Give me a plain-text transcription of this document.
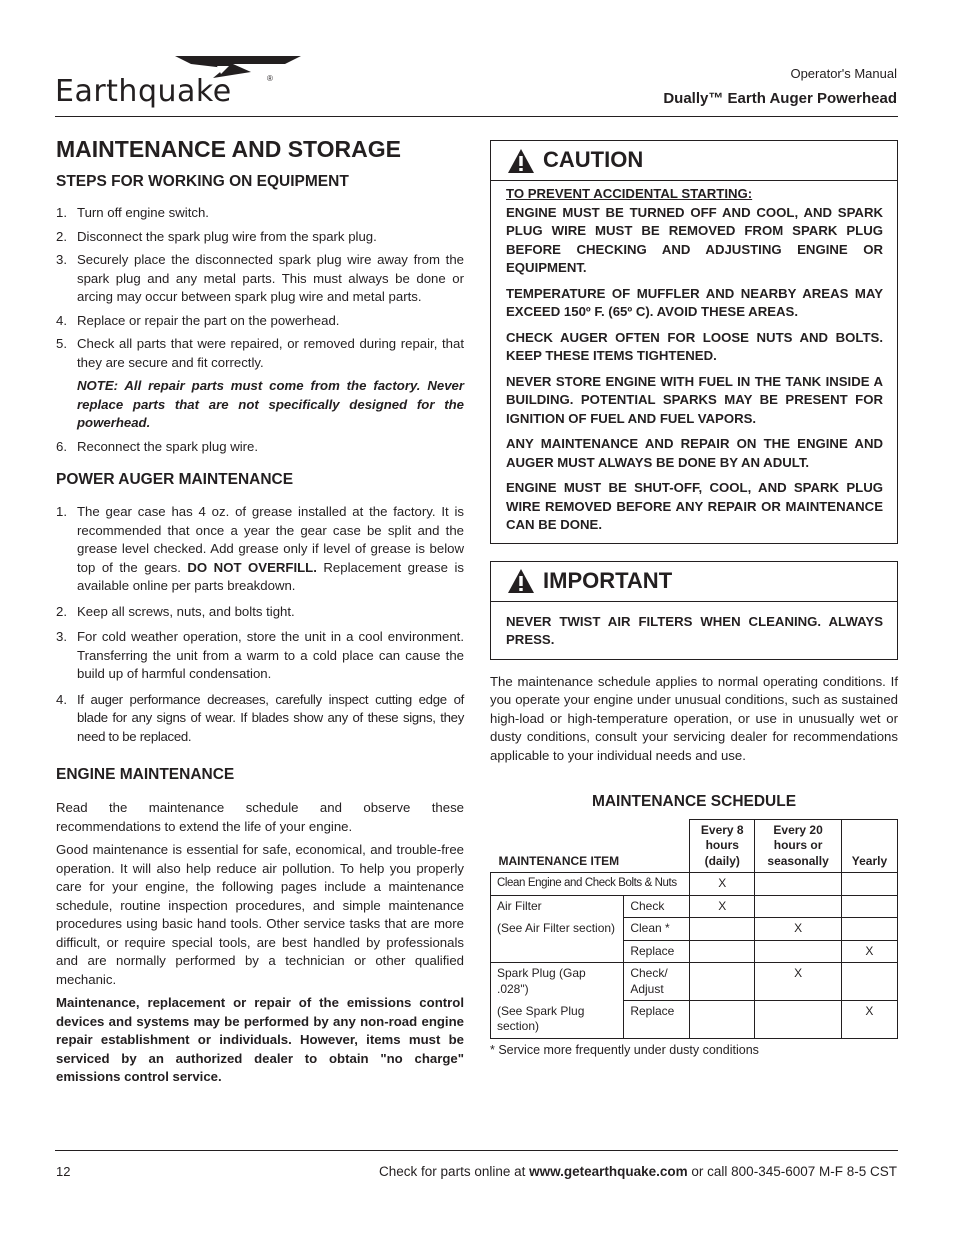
Earthquake	®	Operator's Manual
Dually™ Earth Auger Powerhead
MAINTENANCE AND STORAGE
STEPS FOR WORKING ON EQUIPMENT
1. Turn off engine switch.
2. Disconnect the spark plug wire from the spark plug.
3. Securely place the disconnected spark plug wire away from the spark plug and any metal parts. This must always be done or arcing may occur between spark plug wire and metal parts.
4. Replace or repair the part on the powerhead.
5. Check all parts that were repaired, or removed during repair, that they are secure and fit correctly.

NOTE: All repair parts must come from the factory. Never replace parts that are not specifically designed for the powerhead.

6. Reconnect the spark plug wire.
POWER AUGER MAINTENANCE
1. The gear case has 4 oz. of grease installed at the factory. It is recommended that once a year the gear case be split and the grease level checked. Add grease only if level of grease is below top of the gears. DO NOT OVERFILL. Replacement grease is available online per parts breakdown.
2. Keep all screws, nuts, and bolts tight.
3. For cold weather operation, store the unit in a cool environment. Transferring the unit from a warm to a cold place can cause the build up of harmful condensation.
4. If auger performance decreases, carefully inspect cutting edge of blade for any signs of wear. If blades show any of these signs, they need to be replaced.
ENGINE MAINTENANCE

Read the maintenance schedule and observe these recommendations to extend the life of your engine.

Good maintenance is essential for safe, economical, and trouble-free operation. It will also help reduce air pollution. To help you properly care for your engine, the following pages include a maintenance schedule, routine inspection procedures, and simple maintenance procedures using basic hand tools. Other service tasks that are more difficult, or require special tools, are best handled by professionals and are normally performed by a technician or other qualified mechanic.

Maintenance, replacement or repair of the emissions control devices and systems may be performed by any non-road engine repair establishment or individuals. However, items must be serviced by an authorized dealer to obtain "no charge" emissions control service.

CAUTION

TO PREVENT ACCIDENTAL STARTING:

ENGINE MUST BE TURNED OFF AND COOL, AND SPARK PLUG WIRE MUST BE REMOVED FROM SPARK PLUG BEFORE CHECKING AND ADJUSTING ENGINE OR EQUIPMENT.

TEMPERATURE OF MUFFLER AND NEARBY AREAS MAY EXCEED 150º F. (65º C). AVOID THESE AREAS.

CHECK AUGER OFTEN FOR LOOSE NUTS AND BOLTS. KEEP THESE ITEMS TIGHTENED.

NEVER STORE ENGINE WITH FUEL IN THE TANK INSIDE A BUILDING. POTENTIAL SPARKS MAY BE PRESENT FOR IGNITION OF FUEL AND FUEL VAPORS.

ANY MAINTENANCE AND REPAIR ON THE ENGINE AND AUGER MUST ALWAYS BE DONE BY AN ADULT.

ENGINE MUST BE SHUT-OFF, COOL, AND SPARK PLUG WIRE REMOVED BEFORE ANY REPAIR OR MAINTENANCE CAN BE DONE.

IMPORTANT

NEVER TWIST AIR FILTERS WHEN CLEANING. ALWAYS PRESS.

The maintenance schedule applies to normal operating conditions. If you operate your engine under unusual conditions, such as sustained high-load or high-temperature operation, or use in unusually wet or dusty conditions, consult your servicing dealer for recommendations applicable to your individual needs and use.

MAINTENANCE SCHEDULE
MAINTENANCE ITEM		Every 8 hours (daily)	Every 20 hours or seasonally	Yearly
Clean Engine and Check Bolts & Nuts		X		

Air Filter
(See Air Filter section)	Check	X		
	Clean *		X	
	Replace			X
Spark Plug (Gap .028")	Check/ Adjust		X	
(See Spark Plug section)	Replace			X
* Service more frequently under dusty conditions
12	Check for parts online at www.getearthquake.com or call 800-345-6007 M-F 8-5 CST
